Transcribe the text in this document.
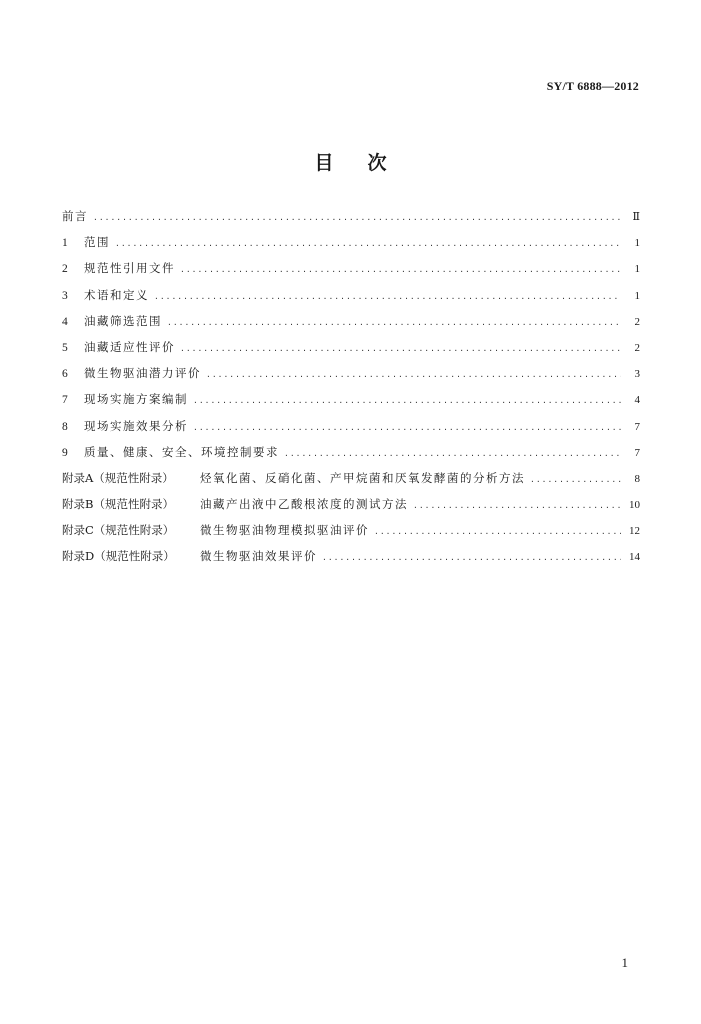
SY/T 6888—2012
目次
前言 .....	Ⅱ
1	范围 .....	1
2	规范性引用文件 .....	1
3	术语和定义 .....	1
4	油藏筛选范围 .....	2
5	油藏适应性评价 .....	2
6	微生物驱油潜力评价 .....	3
7	现场实施方案编制 .....	4
8	现场实施效果分析 .....	7
9	质量、健康、安全、环境控制要求 .....	7
附录A（规范性附录）	烃氧化菌、反硝化菌、产甲烷菌和厌氧发酵菌的分析方法 .....	8
附录B（规范性附录）	油藏产出液中乙酸根浓度的测试方法 .....	10
附录C（规范性附录）	微生物驱油物理模拟驱油评价 .....	12
附录D（规范性附录）	微生物驱油效果评价 .....	14
1
